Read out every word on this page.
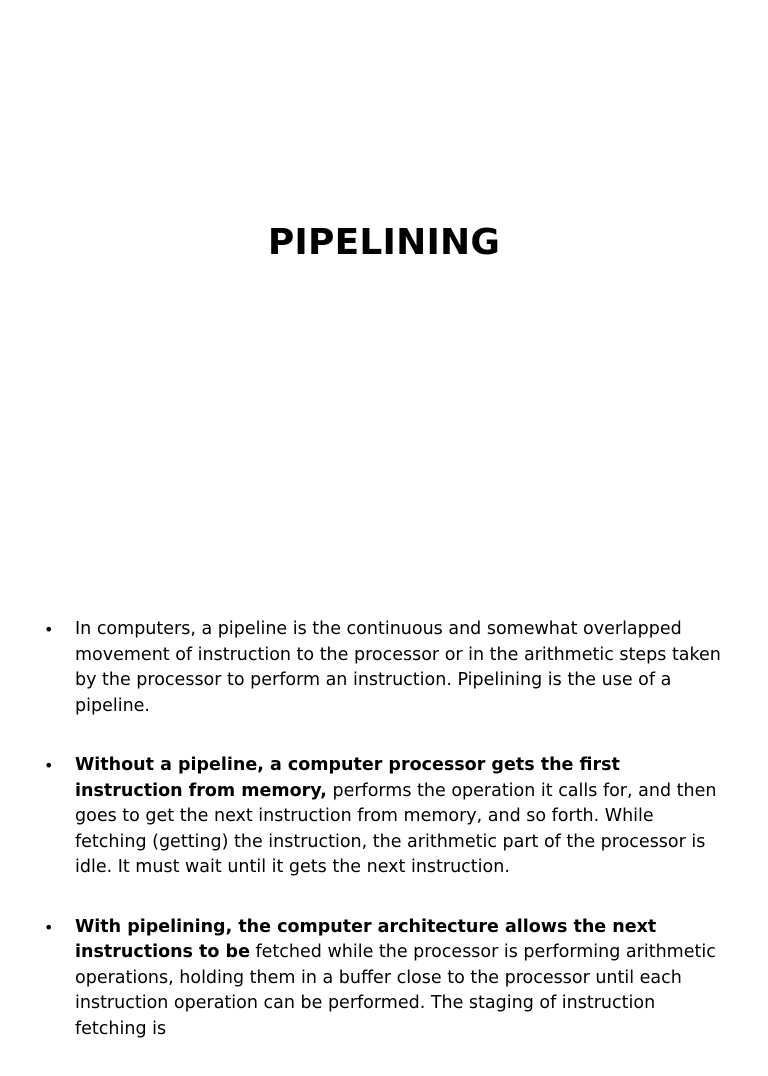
PIPELINING
• In computers, a pipeline is the continuous and somewhat overlapped movement of instruction to the processor or in the arithmetic steps taken by the processor to perform an instruction. Pipelining is the use of a pipeline.
• Without a pipeline, a computer processor gets the first instruction from memory, performs the operation it calls for, and then goes to get the next instruction from memory, and so forth. While fetching (getting) the instruction, the arithmetic part of the processor is idle. It must wait until it gets the next instruction.
• With pipelining, the computer architecture allows the next instructions to be fetched while the processor is performing arithmetic operations, holding them in a buffer close to the processor until each instruction operation can be performed. The staging of instruction fetching is
